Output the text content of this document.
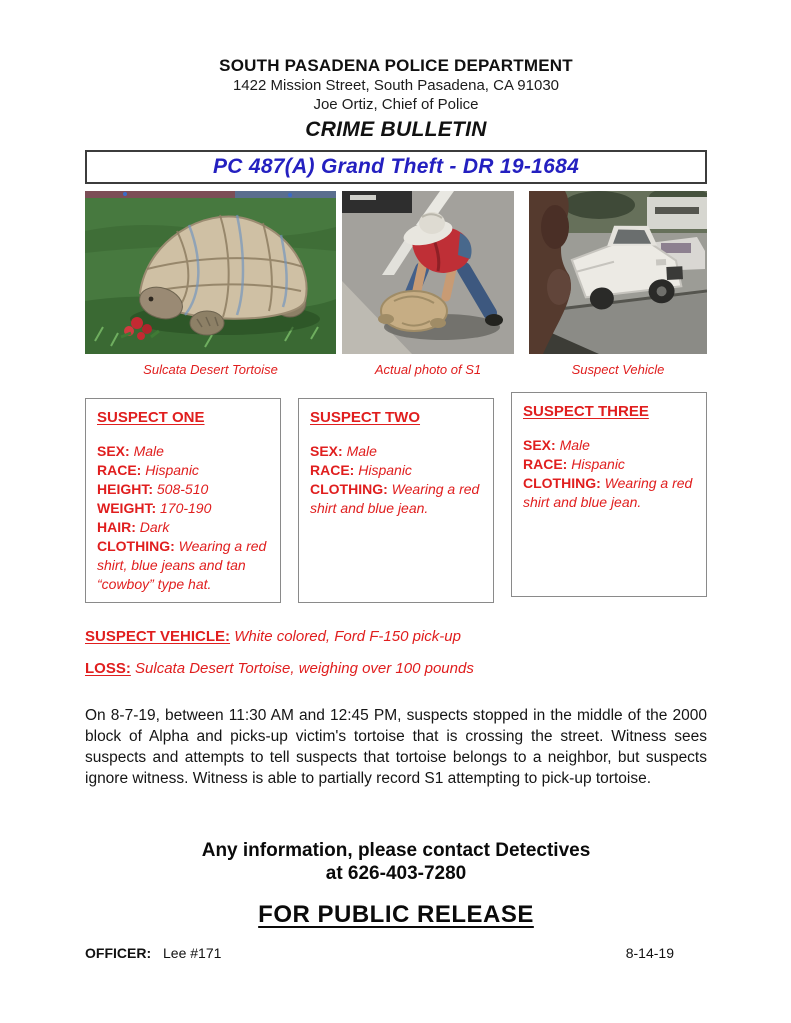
SOUTH PASADENA POLICE DEPARTMENT
1422 Mission Street, South Pasadena, CA 91030
Joe Ortiz, Chief of Police
CRIME BULLETIN
PC 487(A) Grand Theft - DR 19-1684
Sulcata Desert Tortoise	Actual photo of S1	Suspect Vehicle
SUSPECT ONE
SEX: Male
RACE: Hispanic
HEIGHT: 508-510
WEIGHT: 170-190
HAIR: Dark
CLOTHING: Wearing a red shirt, blue jeans and tan “cowboy” type hat.
SUSPECT TWO
SEX: Male
RACE: Hispanic
CLOTHING: Wearing a red shirt and blue jean.
SUSPECT THREE
SEX: Male
RACE: Hispanic
CLOTHING: Wearing a red shirt and blue jean.
SUSPECT VEHICLE: White colored, Ford F-150 pick-up
LOSS: Sulcata Desert Tortoise, weighing over 100 pounds

On 8-7-19, between 11:30 AM and 12:45 PM, suspects stopped in the middle of the 2000 block of Alpha and picks-up victim's tortoise that is crossing the street. Witness sees suspects and attempts to tell suspects that tortoise belongs to a neighbor, but suspects ignore witness. Witness is able to partially record S1 attempting to pick-up tortoise.

Any information, please contact Detectives
at 626-403-7280
FOR PUBLIC RELEASE
OFFICER: Lee #171	8-14-19
